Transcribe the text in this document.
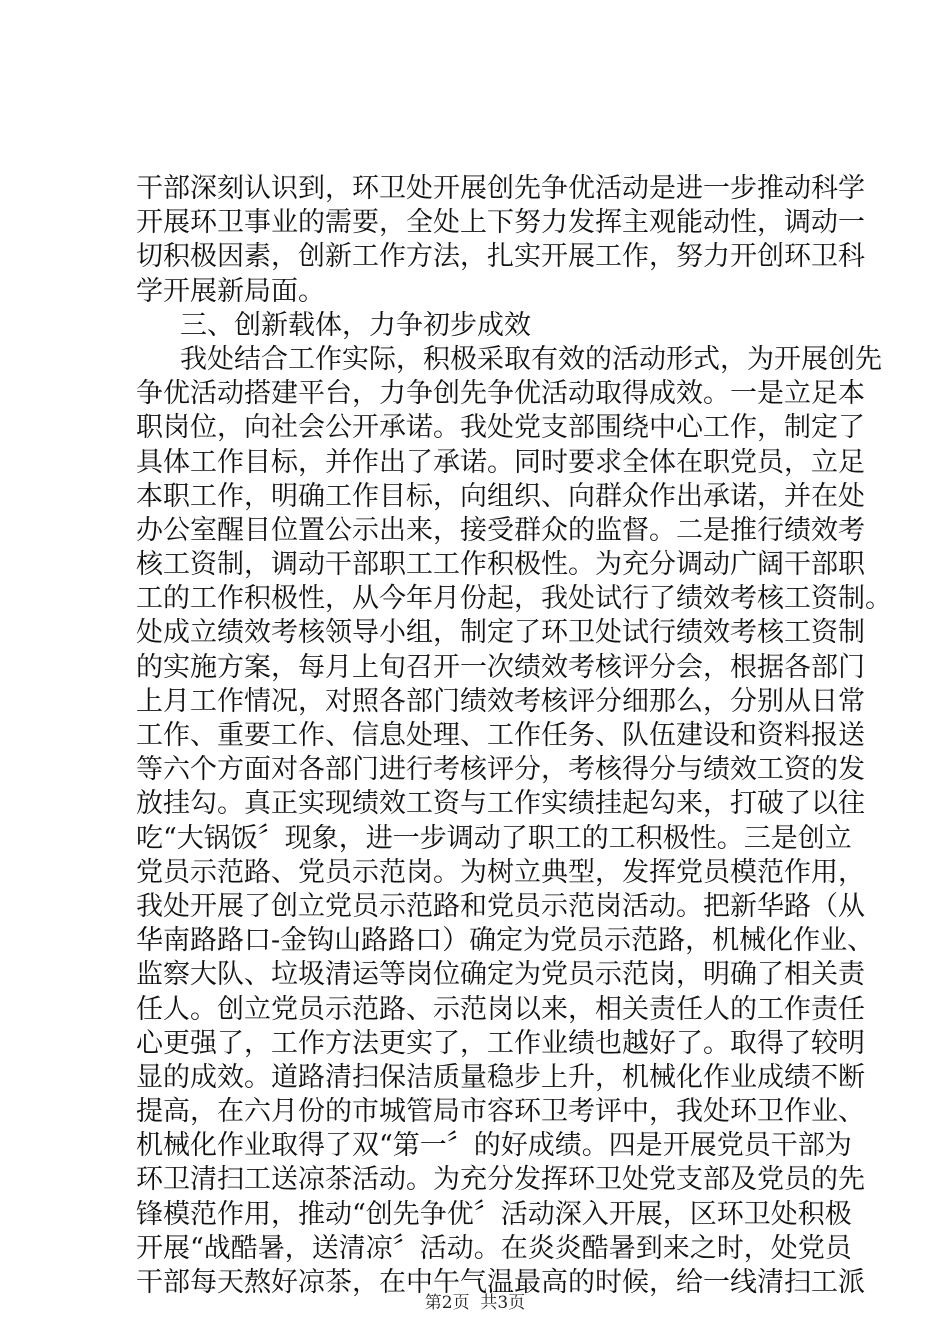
干部深刻认识到，环卫处开展创先争优活动是进一步推动科学
开展环卫事业的需要，全处上下努力发挥主观能动性，调动一
切积极因素，创新工作方法，扎实开展工作，努力开创环卫科
学开展新局面。
三、创新载体，力争初步成效
我处结合工作实际，积极采取有效的活动形式，为开展创先
争优活动搭建平台，力争创先争优活动取得成效。一是立足本
职岗位，向社会公开承诺。我处党支部围绕中心工作，制定了
具体工作目标，并作出了承诺。同时要求全体在职党员，立足
本职工作，明确工作目标，向组织、向群众作出承诺，并在处
办公室醒目位置公示出来，接受群众的监督。二是推行绩效考
核工资制，调动干部职工工作积极性。为充分调动广阔干部职
工的工作积极性，从今年月份起，我处试行了绩效考核工资制。
处成立绩效考核领导小组，制定了环卫处试行绩效考核工资制
的实施方案，每月上旬召开一次绩效考核评分会，根据各部门
上月工作情况，对照各部门绩效考核评分细那么，分别从日常
工作、重要工作、信息处理、工作任务、队伍建设和资料报送
等六个方面对各部门进行考核评分，考核得分与绩效工资的发
放挂勾。真正实现绩效工资与工作实绩挂起勾来，打破了以往
吃“大锅饭〞现象，进一步调动了职工的工积极性。三是创立
党员示范路、党员示范岗。为树立典型，发挥党员模范作用，
我处开展了创立党员示范路和党员示范岗活动。把新华路（从
华南路路口-金钩山路路口）确定为党员示范路，机械化作业、
监察大队、垃圾清运等岗位确定为党员示范岗，明确了相关责
任人。创立党员示范路、示范岗以来，相关责任人的工作责任
心更强了，工作方法更实了，工作业绩也越好了。取得了较明
显的成效。道路清扫保洁质量稳步上升，机械化作业成绩不断
提高，在六月份的市城管局市容环卫考评中，我处环卫作业、
机械化作业取得了双“第一〞的好成绩。四是开展党员干部为
环卫清扫工送凉茶活动。为充分发挥环卫处党支部及党员的先
锋模范作用，推动“创先争优〞活动深入开展，区环卫处积极
开展“战酷暑，送清凉〞活动。在炎炎酷暑到来之时，处党员
干部每天熬好凉茶，在中午气温最高的时候，给一线清扫工派
第2页  共3页
